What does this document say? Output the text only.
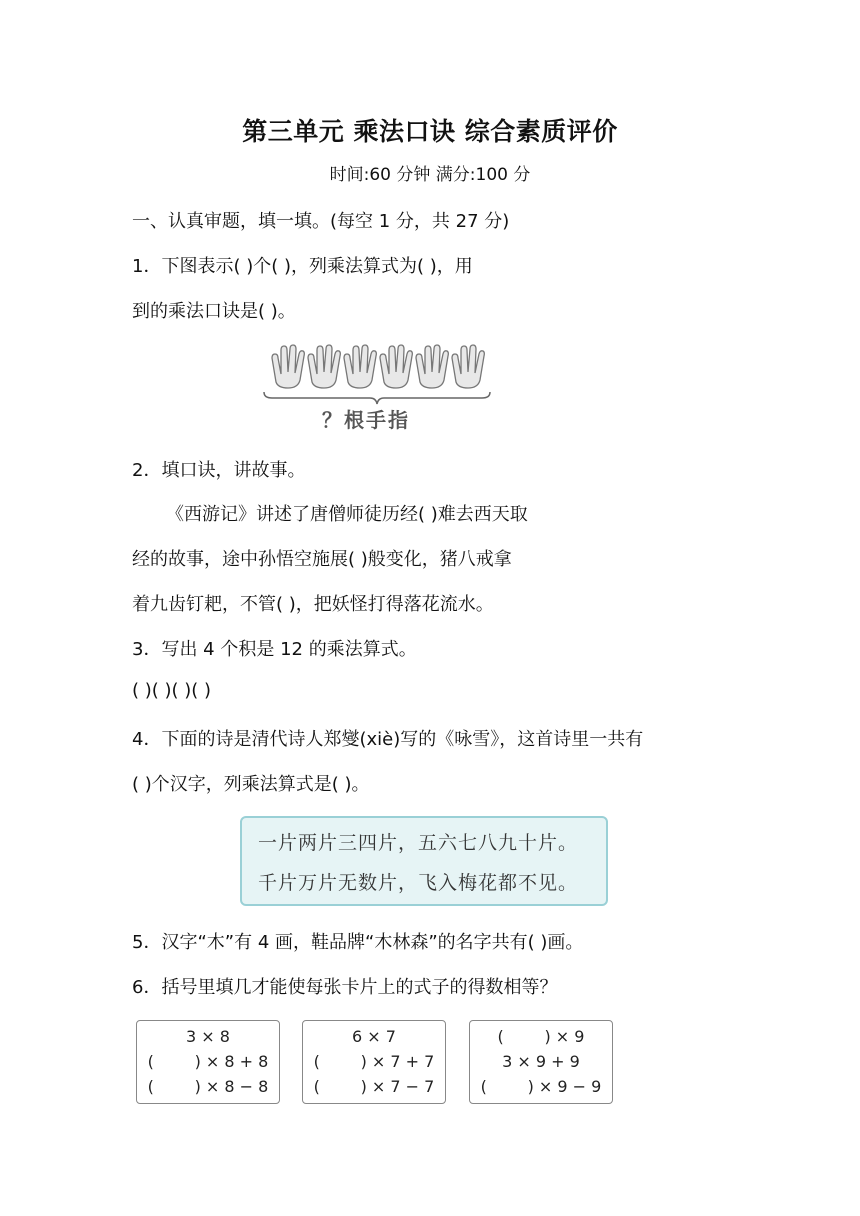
第三单元 乘法口诀 综合素质评价
时间:60 分钟 满分:100 分
一、认真审题，填一填。(每空 1 分，共 27 分)
1．下图表示( )个( )，列乘法算式为( )，用
到的乘法口诀是( )。
？根手指
2．填口诀，讲故事。
《西游记》讲述了唐僧师徒历经( )难去西天取
经的故事，途中孙悟空施展( )般变化，猪八戒拿
着九齿钉耙，不管( )，把妖怪打得落花流水。
3．写出 4 个积是 12 的乘法算式。
( )( )( )( )
4．下面的诗是清代诗人郑燮(xiè)写的《咏雪》，这首诗里一共有
( )个汉字，列乘法算式是( )。
一片两片三四片，五六七八九十片。
千片万片无数片，飞入梅花都不见。
5．汉字“木”有 4 画，鞋品牌“木林森”的名字共有( )画。
6．括号里填几才能使每张卡片上的式子的得数相等？
3 × 8
(        ) × 8 + 8
(        ) × 8 − 8
6 × 7
(        ) × 7 + 7
(        ) × 7 − 7
(        ) × 9
3 × 9 + 9
(        ) × 9 − 9
